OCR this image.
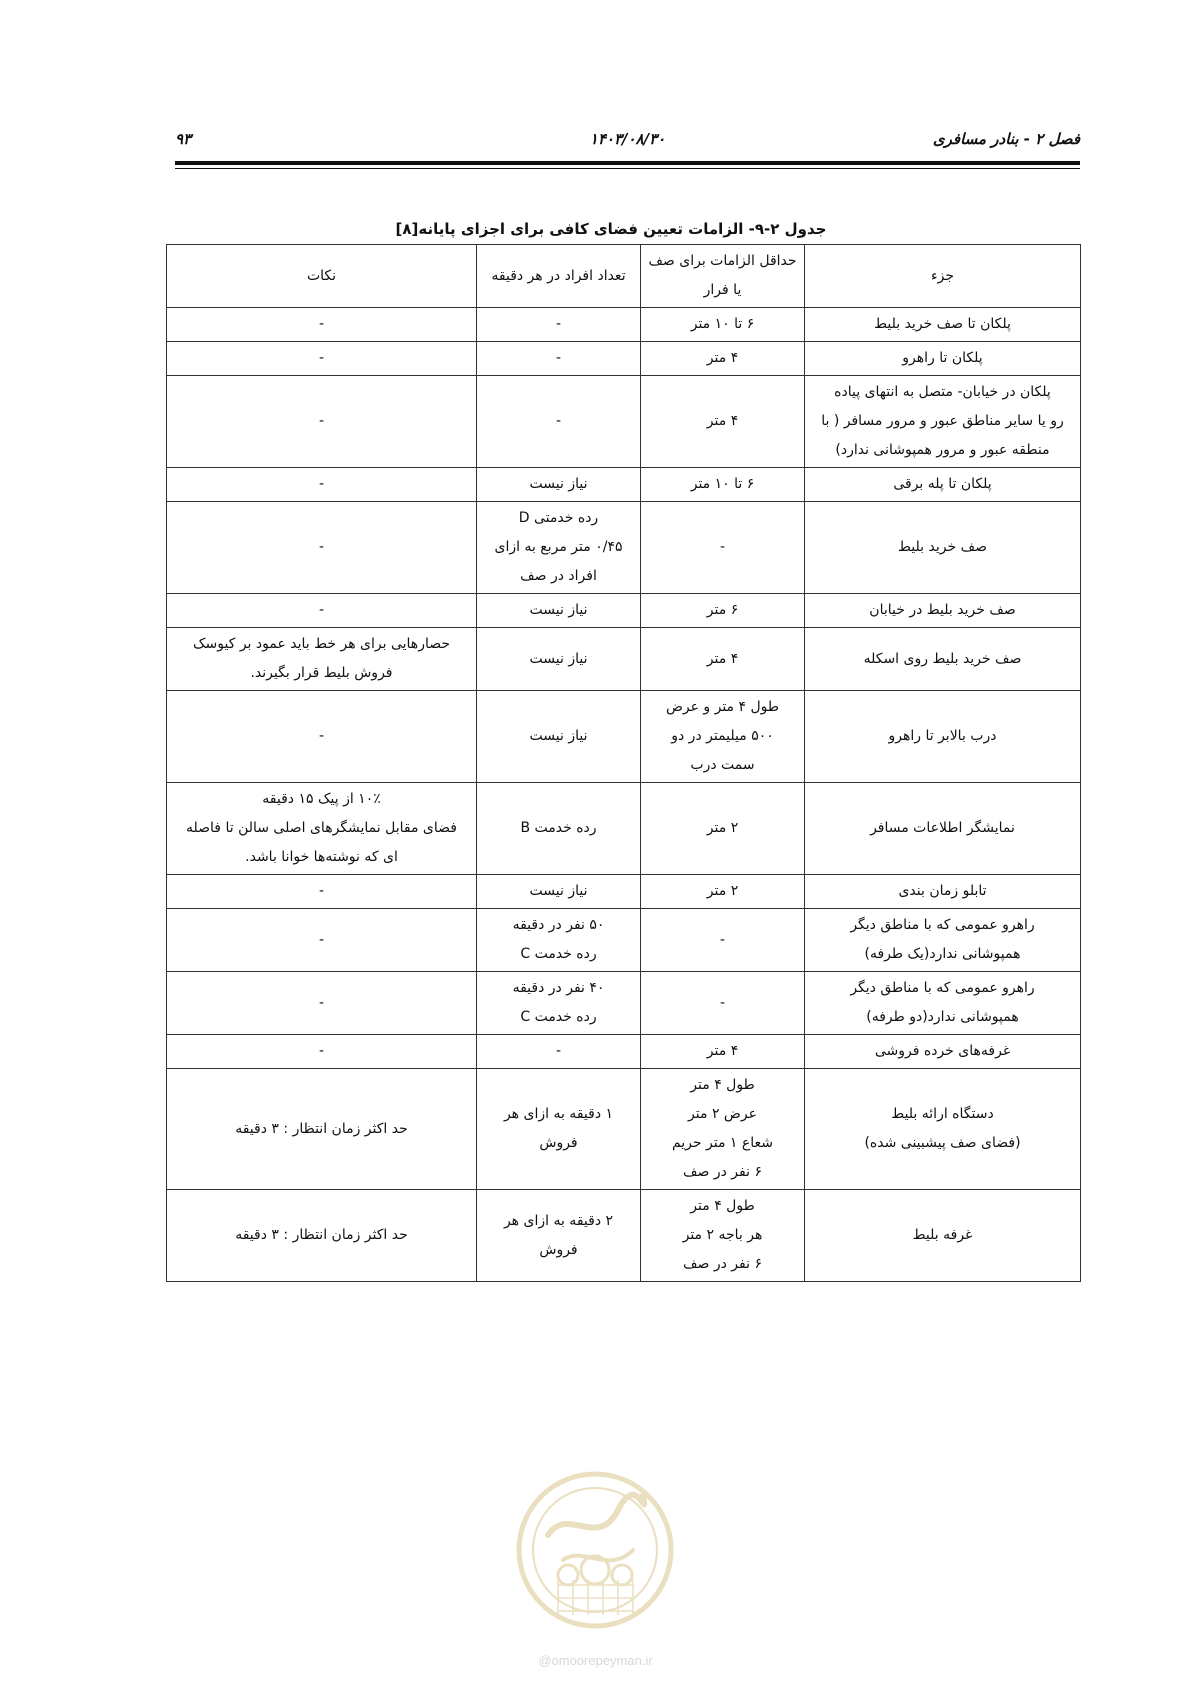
فصل ۲ - بنادر مسافری
۱۴۰۳/۰۸/۳۰
۹۳
جدول ۲-۹- الزامات تعیین فضای کافی برای اجزای پایانه[۸]
جزء	حداقل الزامات برای صف یا فرار	تعداد افراد در هر دقیقه	نکات

پلکان تا صف خرید بلیط	۶ تا ۱۰ متر	-	-

پلکان تا راهرو	۴ متر	-	-

پلکان در خیابان- متصل به انتهای پیاده
رو یا سایر مناطق عبور و مرور مسافر ( با
منطقه عبور و مرور همپوشانی ندارد)	۴ متر	-	-

پلکان تا پله برقی	۶ تا ۱۰ متر	نیاز نیست	-

صف خرید بلیط	-	رده خدمتی D
۰/۴۵ متر مربع به ازای
افراد در صف	-

صف خرید بلیط در خیابان	۶ متر	نیاز نیست	-

صف خرید بلیط روی اسکله	۴ متر	نیاز نیست	حصارهایی برای هر خط باید عمود بر کیوسک
فروش بلیط قرار بگیرند.

درب بالابر تا راهرو	طول ۴ متر و عرض
۵۰۰ میلیمتر در دو
سمت درب	نیاز نیست	-

نمایشگر اطلاعات مسافر	۲ متر	رده خدمت B	۱۰٪ از پیک ۱۵ دقیقه
فضای مقابل نمایشگرهای اصلی سالن تا فاصله
ای که نوشته‌ها خوانا باشد.

تابلو زمان بندی	۲ متر	نیاز نیست	-

راهرو عمومی که با مناطق دیگر
همپوشانی ندارد(یک طرفه)	-	۵۰ نفر در دقیقه
رده خدمت C	-

راهرو عمومی که با مناطق دیگر
همپوشانی ندارد(دو طرفه)	-	۴۰ نفر در دقیقه
رده خدمت C	-

غرفه‌های خرده فروشی	۴ متر	-	-

دستگاه ارائه بلیط
(فضای صف پیشبینی شده)	طول ۴ متر
عرض ۲ متر
شعاع ۱ متر حریم
۶ نفر در صف	۱ دقیقه به ازای هر
فروش	حد اکثر زمان انتظار : ۳ دقیقه

غرفه بلیط	طول ۴ متر
هر باجه ۲ متر
۶ نفر در صف	۲ دقیقه به ازای هر
فروش	حد اکثر زمان انتظار : ۳ دقیقه
@omoorepeyman.ir
